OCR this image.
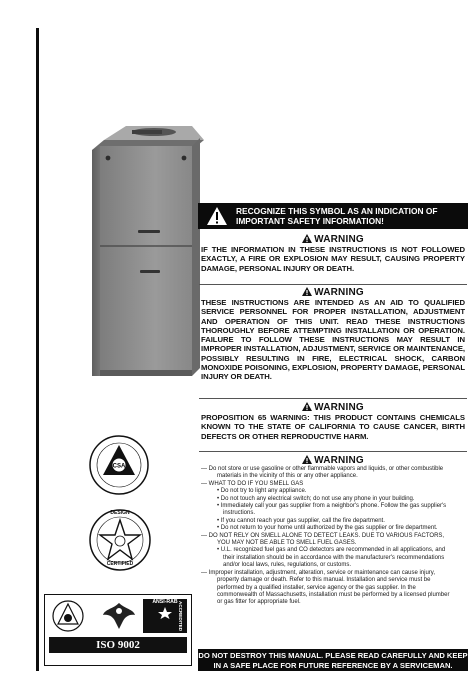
CSA
DESIGN
CERTIFIED
ANSI-RAB ACCREDITED
ISO 9002
RECOGNIZE THIS SYMBOL AS AN INDICATION OF
IMPORTANT SAFETY INFORMATION!
WARNING
IF THE INFORMATION IN THESE INSTRUCTIONS IS NOT FOLLOWED EXACTLY, A FIRE OR EXPLOSION MAY RESULT, CAUSING PROPERTY DAMAGE, PERSONAL INJURY OR DEATH.
WARNING
THESE INSTRUCTIONS ARE INTENDED AS AN AID TO QUALIFIED SERVICE PERSONNEL FOR PROPER INSTALLATION, ADJUSTMENT AND OPERATION OF THIS UNIT. READ THESE INSTRUCTIONS THOROUGHLY BEFORE ATTEMPTING INSTALLATION OR OPERATION. FAILURE TO FOLLOW THESE INSTRUCTIONS MAY RESULT IN IMPROPER INSTALLATION, ADJUSTMENT, SERVICE OR MAINTENANCE, POSSIBLY RESULTING IN FIRE, ELECTRICAL SHOCK, CARBON MONOXIDE POISONING, EXPLOSION, PROPERTY DAMAGE, PERSONAL INJURY OR DEATH.
WARNING
PROPOSITION 65 WARNING: THIS PRODUCT CONTAINS CHEMICALS KNOWN TO THE STATE OF CALIFORNIA TO CAUSE CANCER, BIRTH DEFECTS OR OTHER REPRODUCTIVE HARM.
WARNING
— Do not store or use gasoline or other flammable vapors and liquids, or other combustible
materials in the vicinity of this or any other appliance.
— WHAT TO DO IF YOU SMELL GAS
• Do not try to light any appliance.
• Do not touch any electrical switch; do not use any phone in your building.
• Immediately call your gas supplier from a neighbor's phone. Follow the gas supplier's
instructions.
• If you cannot reach your gas supplier, call the fire department.
• Do not return to your home until authorized by the gas supplier or fire department.
— DO NOT RELY ON SMELL ALONE TO DETECT LEAKS. DUE TO VARIOUS FACTORS,
YOU MAY NOT BE ABLE TO SMELL FUEL GASES.
• U.L. recognized fuel gas and CO detectors are recommended in all applications, and
their installation should be in accordance with the manufacturer's recommendations
and/or local laws, rules, regulations, or customs.
— Improper installation, adjustment, alteration, service or maintenance can cause injury,
property damage or death. Refer to this manual. Installation and service must be
performed by a qualified installer, service agency or the gas supplier. In the
commonwealth of Massachusetts, installation must be performed by a licensed plumber
or gas fitter for appropriate fuel.
DO NOT DESTROY THIS MANUAL. PLEASE READ CAREFULLY AND KEEP
IN A SAFE PLACE FOR FUTURE REFERENCE BY A SERVICEMAN.
